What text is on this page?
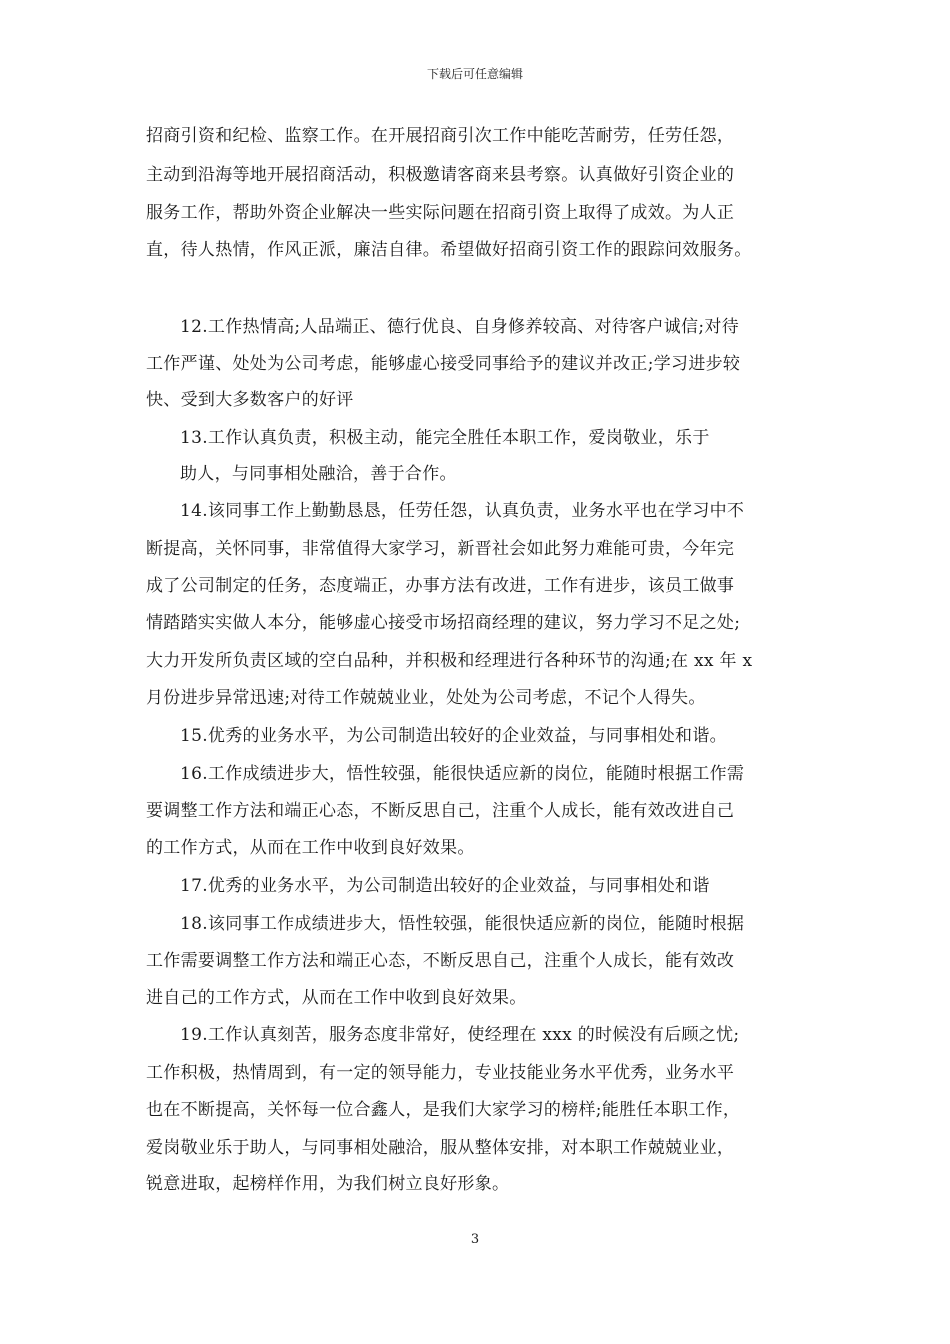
下载后可任意编辑
招商引资和纪检、监察工作。在开展招商引次工作中能吃苦耐劳，任劳任怨，
主动到沿海等地开展招商活动，积极邀请客商来县考察。认真做好引资企业的
服务工作，帮助外资企业解决一些实际问题在招商引资上取得了成效。为人正
直，待人热情，作风正派，廉洁自律。希望做好招商引资工作的跟踪问效服务。
12.工作热情高;人品端正、德行优良、自身修养较高、对待客户诚信;对待
工作严谨、处处为公司考虑，能够虚心接受同事给予的建议并改正;学习进步较
快、受到大多数客户的好评
13.工作认真负责，积极主动，能完全胜任本职工作，爱岗敬业，乐于
助人，与同事相处融洽，善于合作。
14.该同事工作上勤勤恳恳，任劳任怨，认真负责，业务水平也在学习中不
断提高，关怀同事，非常值得大家学习，新晋社会如此努力难能可贵，今年完
成了公司制定的任务，态度端正，办事方法有改进，工作有进步，该员工做事
情踏踏实实做人本分，能够虚心接受市场招商经理的建议，努力学习不足之处;
大力开发所负责区域的空白品种，并积极和经理进行各种环节的沟通;在 xx 年 x
月份进步异常迅速;对待工作兢兢业业，处处为公司考虑，不记个人得失。
15.优秀的业务水平，为公司制造出较好的企业效益，与同事相处和谐。
16.工作成绩进步大，悟性较强，能很快适应新的岗位，能随时根据工作需
要调整工作方法和端正心态，不断反思自己，注重个人成长，能有效改进自己
的工作方式，从而在工作中收到良好效果。
17.优秀的业务水平，为公司制造出较好的企业效益，与同事相处和谐
18.该同事工作成绩进步大，悟性较强，能很快适应新的岗位，能随时根据
工作需要调整工作方法和端正心态，不断反思自己，注重个人成长，能有效改
进自己的工作方式，从而在工作中收到良好效果。
19.工作认真刻苦，服务态度非常好，使经理在 xxx 的时候没有后顾之忧;
工作积极，热情周到，有一定的领导能力，专业技能业务水平优秀，业务水平
也在不断提高，关怀每一位合鑫人，是我们大家学习的榜样;能胜任本职工作，
爱岗敬业乐于助人，与同事相处融洽，服从整体安排，对本职工作兢兢业业，
锐意进取，起榜样作用，为我们树立良好形象。
3
